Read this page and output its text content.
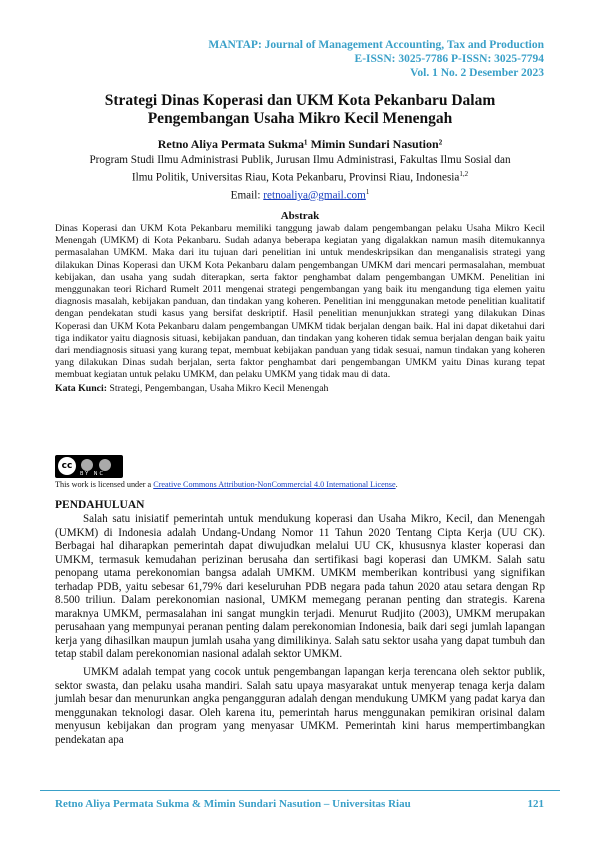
MANTAP: Journal of Management Accounting, Tax and Production
E-ISSN: 3025-7786 P-ISSN: 3025-7794
Vol. 1 No. 2 Desember 2023
Strategi Dinas Koperasi dan UKM Kota Pekanbaru Dalam
Pengembangan Usaha Mikro Kecil Menengah
Retno Aliya Permata Sukma¹ Mimin Sundari Nasution²
Program Studi Ilmu Administrasi Publik, Jurusan Ilmu Administrasi, Fakultas Ilmu Sosial dan
Ilmu Politik, Universitas Riau, Kota Pekanbaru, Provinsi Riau, Indonesia$^{1,2}$
Email: retnoaliya@gmail.com$^1$
Abstrak
Dinas Koperasi dan UKM Kota Pekanbaru memiliki tanggung jawab dalam pengembangan pelaku Usaha Mikro Kecil Menengah (UMKM) di Kota Pekanbaru. Sudah adanya beberapa kegiatan yang digalakkan namun masih ditemukannya permasalahan UMKM. Maka dari itu tujuan dari penelitian ini untuk mendeskripsikan dan menganalisis strategi yang dilakukan Dinas Koperasi dan UKM Kota Pekanbaru dalam pengembangan UMKM dari mencari permasalahan, membuat kebijakan, dan usaha yang sudah diterapkan, serta faktor penghambat dalam pengembangan UMKM. Penelitian ini menggunakan teori Richard Rumelt 2011 mengenai strategi pengembangan yang baik itu mengandung tiga elemen yaitu diagnosis masalah, kebijakan panduan, dan tindakan yang koheren. Penelitian ini menggunakan metode penelitian kualitatif dengan pendekatan studi kasus yang bersifat deskriptif. Hasil penelitian menunjukkan strategi yang dilakukan Dinas Koperasi dan UKM Kota Pekanbaru dalam pengembangan UMKM tidak berjalan dengan baik. Hal ini dapat diketahui dari tiga indikator yaitu diagnosis situasi, kebijakan panduan, dan tindakan yang koheren tidak semua berjalan dengan baik yaitu dari mendiagnosis situasi yang kurang tepat, membuat kebijakan panduan yang tidak sesuai, namun tindakan yang koheren yang dilakukan Dinas sudah berjalan, serta faktor penghambat dari pengembangan UMKM yaitu Dinas kurang tepat membuat kegiatan untuk pelaku UMKM, dan pelaku UMKM yang tidak mau di data.
Kata Kunci: Strategi, Pengembangan, Usaha Mikro Kecil Menengah
cc
BY NC
This work is licensed under a Creative Commons Attribution-NonCommercial 4.0 International License.
PENDAHULUAN

Salah satu inisiatif pemerintah untuk mendukung koperasi dan Usaha Mikro, Kecil, dan Menengah (UMKM) di Indonesia adalah Undang-Undang Nomor 11 Tahun 2020 Tentang Cipta Kerja (UU CK). Berbagai hal diharapkan pemerintah dapat diwujudkan melalui UU CK, khususnya klaster koperasi dan UMKM, termasuk kemudahan perizinan berusaha dan sertifikasi bagi koperasi dan UMKM. Salah satu penopang utama perekonomian bangsa adalah UMKM. UMKM memberikan kontribusi yang signifikan terhadap PDB, yaitu sebesar 61,79% dari keseluruhan PDB negara pada tahun 2020 atau setara dengan Rp 8.500 triliun. Dalam perekonomian nasional, UMKM memegang peranan penting dan strategis. Karena maraknya UMKM, permasalahan ini sangat mungkin terjadi. Menurut Rudjito (2003), UMKM merupakan perusahaan yang mempunyai peranan penting dalam perekonomian Indonesia, baik dari segi jumlah lapangan kerja yang dihasilkan maupun jumlah usaha yang dimilikinya. Salah satu sektor usaha yang dapat tumbuh dan tetap stabil dalam perekonomian nasional adalah sektor UMKM.

UMKM adalah tempat yang cocok untuk pengembangan lapangan kerja terencana oleh sektor publik, sektor swasta, dan pelaku usaha mandiri. Salah satu upaya masyarakat untuk menyerap tenaga kerja dalam jumlah besar dan menurunkan angka pengangguran adalah dengan mendukung UMKM yang padat karya dan menggunakan teknologi dasar. Oleh karena itu, pemerintah harus menggunakan pemikiran orisinal dalam menyusun kebijakan dan program yang menyasar UMKM. Pemerintah kini harus mempertimbangkan pendekatan apa

Retno Aliya Permata Sukma & Mimin Sundari Nasution – Universitas Riau	121
